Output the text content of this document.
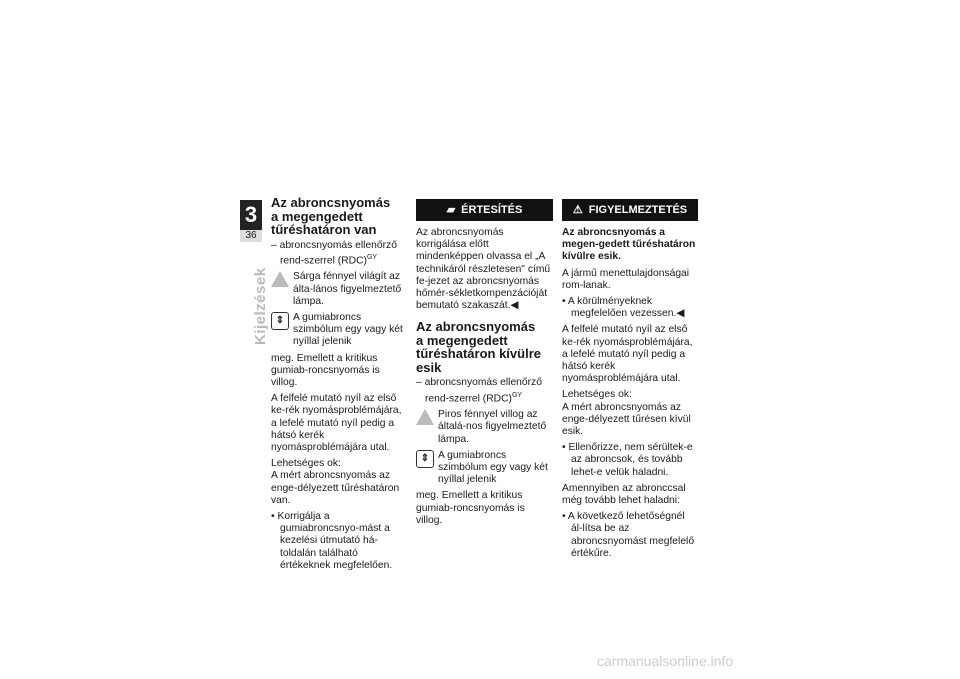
3
36
Kijelzések
Az abroncsnyomás
a megengedett
tűréshatáron van

– abroncsnyomás ellenőrző rend-szerrel (RDC)$^{GY}$

Sárga fénnyel világít az álta-lános figyelmeztető lámpa.
⇕ A gumiabroncs szimbólum egy vagy két nyíllal jelenik

meg. Emellett a kritikus gumiab-roncsnyomás is villog.

A felfelé mutató nyíl az első ke-rék nyomásproblémájára, a lefelé mutató nyíl pedig a hátsó kerék nyomásproblémájára utal.

Lehetséges ok:

A mért abroncsnyomás az enge-délyezett tűréshatáron van.

• Korrigálja a gumiabroncsnyo-mást a kezelési útmutató há-toldalán található értékeknek megfelelően.

▰ ÉRTESÍTÉS

Az abroncsnyomás korrigálása előtt mindenképpen olvassa el „A technikáról részletesen" című fe-jezet az abroncsnyomás hőmér-sékletkompenzációját bemutató szakaszát.◀

Az abroncsnyomás
a megengedett
tűréshatáron kívülre esik

– abroncsnyomás ellenőrző rend-szerrel (RDC)$^{GY}$

Piros fénnyel villog az általá-nos figyelmeztető lámpa.
⇕ A gumiabroncs szimbólum egy vagy két nyíllal jelenik

meg. Emellett a kritikus gumiab-roncsnyomás is villog.

⚠ FIGYELMEZTETÉS

Az abroncsnyomás a megen-gedett tűréshatáron kívülre esik.

A jármű menettulajdonságai rom-lanak.

• A körülményeknek megfelelően vezessen.◀

A felfelé mutató nyíl az első ke-rék nyomásproblémájára, a lefelé mutató nyíl pedig a hátsó kerék nyomásproblémájára utal.

Lehetséges ok:

A mért abroncsnyomás az enge-délyezett tűrésen kívül esik.

• Ellenőrizze, nem sérültek-e az abroncsok, és tovább lehet-e velük haladni.

Amennyiben az abronccsal még tovább lehet haladni:

• A következő lehetőségnél ál-lítsa be az abroncsnyomást megfelelő értékűre.

carmanualsonline.info
